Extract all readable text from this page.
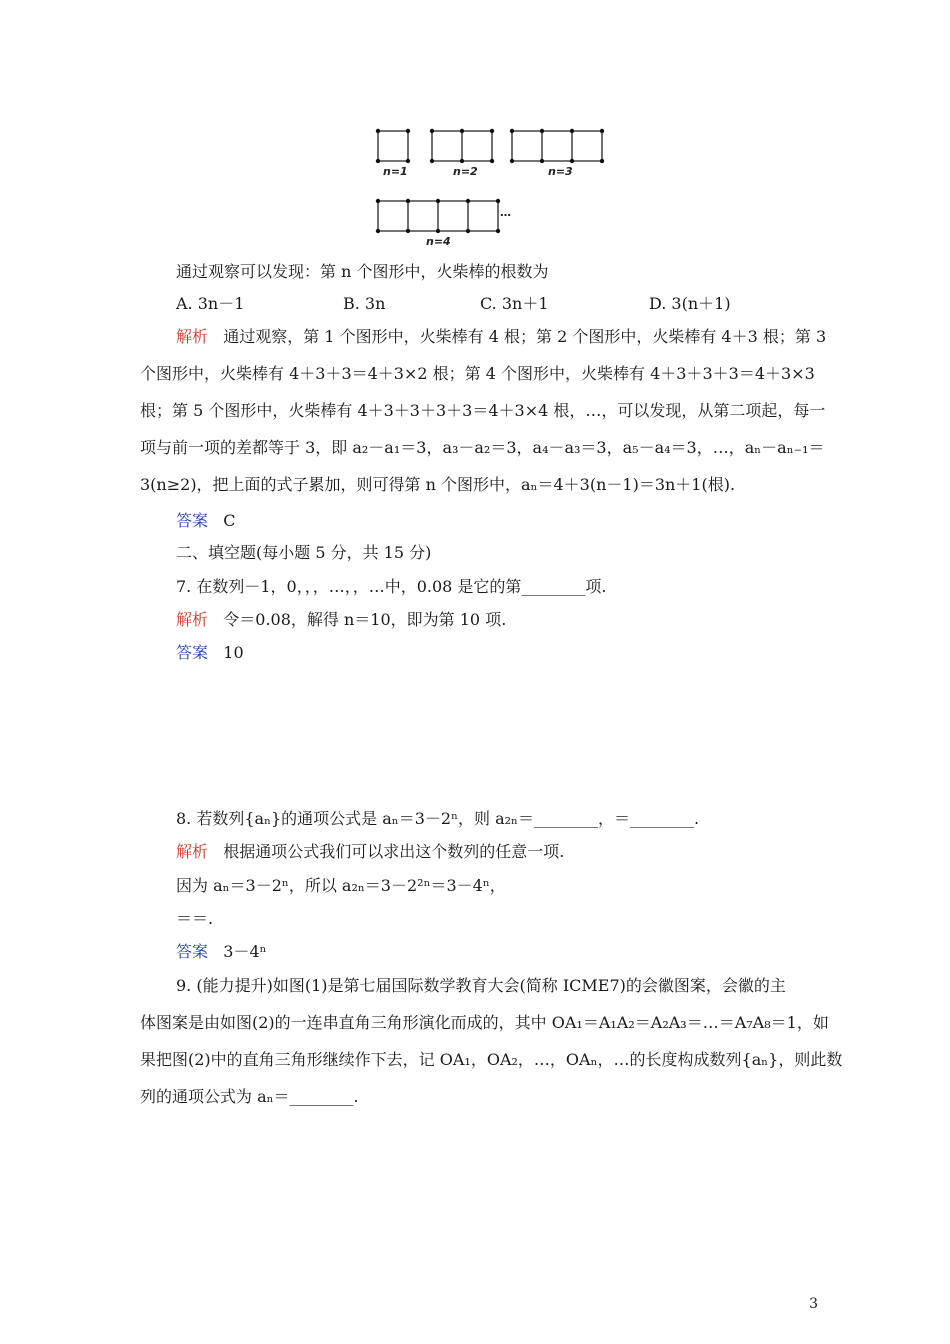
n=1	n=2	n=3
n=4
…
通过观察可以发现：第 n 个图形中，火柴棒的根数为
A. 3n－1	B. 3n	C. 3n＋1	D. 3(n＋1)
解析 通过观察，第 1 个图形中，火柴棒有 4 根；第 2 个图形中，火柴棒有 4＋3 根；第 3
个图形中，火柴棒有 4＋3＋3＝4＋3×2 根；第 4 个图形中，火柴棒有 4＋3＋3＋3＝4＋3×3
根；第 5 个图形中，火柴棒有 4＋3＋3＋3＋3＝4＋3×4 根，…，可以发现，从第二项起，每一
项与前一项的差都等于 3，即 a₂－a₁＝3，a₃－a₂＝3，a₄－a₃＝3，a₅－a₄＝3，…，aₙ－aₙ₋₁＝
3(n≥2)，把上面的式子累加，则可得第 n 个图形中，aₙ＝4＋3(n－1)＝3n＋1(根).
答案 C
二、填空题(每小题 5 分，共 15 分)
7. 在数列－1，0，，，…，，…中，0.08 是它的第________项.
解析 令＝0.08，解得 n＝10，即为第 10 项.
答案 10
8. 若数列{aₙ}的通项公式是 aₙ＝3－2ⁿ，则 a₂ₙ＝________，＝________.
解析 根据通项公式我们可以求出这个数列的任意一项.
因为 aₙ＝3－2ⁿ，所以 a₂ₙ＝3－2²ⁿ＝3－4ⁿ，
＝＝.
答案 3－4ⁿ
9. (能力提升)如图(1)是第七届国际数学教育大会(简称 ICME7)的会徽图案，会徽的主
体图案是由如图(2)的一连串直角三角形演化而成的，其中 OA₁＝A₁A₂＝A₂A₃＝…＝A₇A₈＝1，如
果把图(2)中的直角三角形继续作下去，记 OA₁，OA₂，…，OAₙ，…的长度构成数列{aₙ}，则此数
列的通项公式为 aₙ＝________.
3
